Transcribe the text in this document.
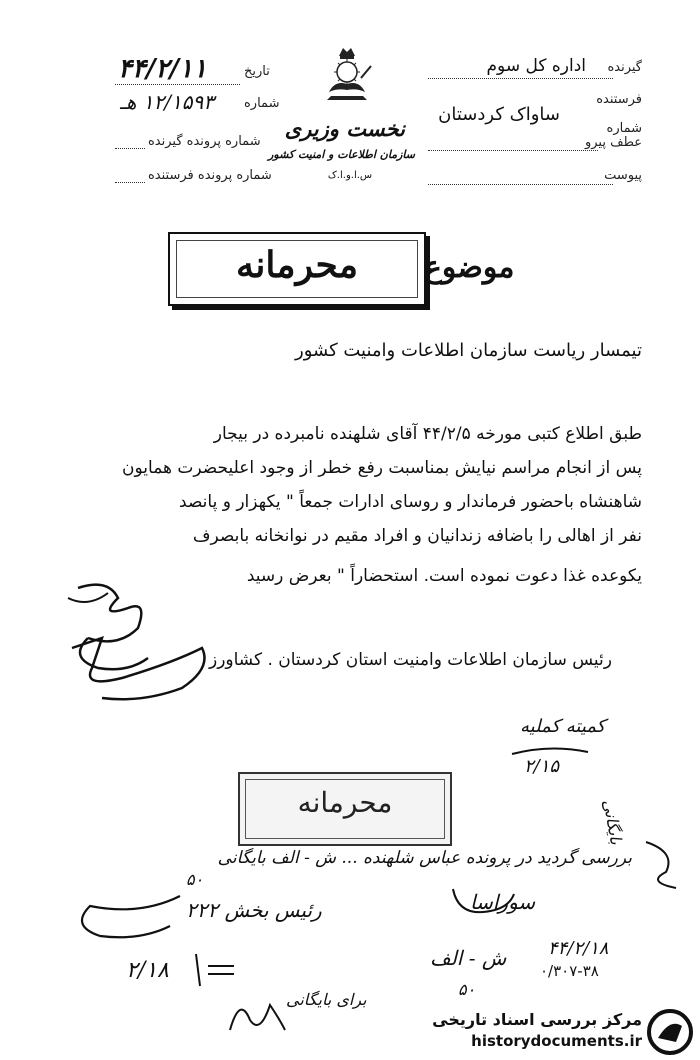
گیرنده
اداره کل سوم
فرستنده
ساواک کردستان
شماره عطف پیرو
پیوست
نخست وزیری
سازمان اطلاعات و امنیت کشور
س.ا.و.ا.ک
تاریخ
۴۴/۲/۱۱
شماره
۱۲/۱۵۹۳ هـ
شماره پرونده گیرنده
شماره پرونده فرستنده
موضوع
محرمانه
تیمسار ریاست سازمان اطلاعات وامنیت کشور
طبق اطلاع کتبی مورخه ۴۴/۲/۵ آقای شلهنده نامبرده در بیجار
پس از انجام مراسم نیایش بمناسبت رفع خطر از وجود اعلیحضرت همایون
شاهنشاه باحضور فرماندار و روسای ادارات جمعاً " یکهزار و پانصد
نفر از اهالی را باضافه زندانیان و افراد مقیم در نوانخانه بابصرف
یکوعده غذا دعوت نموده است. استحضاراً " بعرض رسید
رئیس سازمان اطلاعات وامنیت استان کردستان . کشاورز
کمیته کملیه
۲/۱۵
محرمانه
بررسی گردید در پرونده عباس شلهنده ... ش - الف بایگانی
۵۰
سوراسا
رئیس بخش ۲۲۲
۲/۱۸
۴۴/۲/۱۸
ش - الف
۰/۳۰۷-۳۸
۵۰
برای بایگانی
بایگانی
مرکز بررسی اسناد تاریخی
historydocuments.ir
